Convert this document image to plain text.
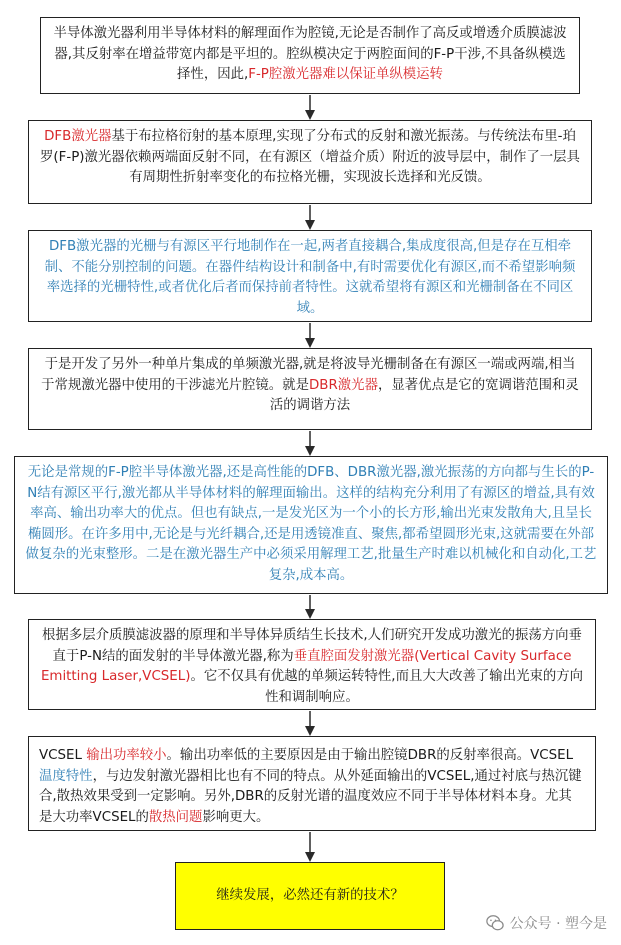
半导体激光器利用半导体材料的解理面作为腔镜,无论是否制作了高反或增透介质膜滤波器,其反射率在增益带宽内都是平坦的。腔纵模决定于两腔面间的F-P干涉,不具备纵模选择性，因此,F-P腔激光器难以保证单纵模运转
DFB激光器基于布拉格衍射的基本原理,实现了分布式的反射和激光振荡。与传统法布里-珀罗(F-P)激光器依赖两端面反射不同，在有源区（增益介质）附近的波导层中，制作了一层具有周期性折射率变化的布拉格光栅，实现波长选择和光反馈。
DFB激光器的光栅与有源区平行地制作在一起,两者直接耦合,集成度很高,但是存在互相牵制、不能分别控制的问题。在器件结构设计和制备中,有时需要优化有源区,而不希望影响频率选择的光栅特性,或者优化后者而保持前者特性。这就希望将有源区和光栅制备在不同区域。
于是开发了另外一种单片集成的单频激光器,就是将波导光栅制备在有源区一端或两端,相当于常规激光器中使用的干涉滤光片腔镜。就是DBR激光器，显著优点是它的宽调谐范围和灵活的调谐方法
无论是常规的F-P腔半导体激光器,还是高性能的DFB、DBR激光器,激光振荡的方向都与生长的P-N结有源区平行,激光都从半导体材料的解理面输出。这样的结构充分利用了有源区的增益,具有效率高、输出功率大的优点。但也有缺点,一是发光区为一个小的长方形,输出光束发散角大,且呈长椭圆形。在许多用中,无论是与光纤耦合,还是用透镜准直、聚焦,都希望圆形光束,这就需要在外部做复杂的光束整形。二是在激光器生产中必须采用解理工艺,批量生产时难以机械化和自动化,工艺复杂,成本高。
根据多层介质膜滤波器的原理和半导体异质结生长技术,人们研究开发成功激光的振荡方向垂直于P-N结的面发射的半导体激光器,称为垂直腔面发射激光器(Vertical Cavity Surface Emitting Laser,VCSEL)。它不仅具有优越的单频运转特性,而且大大改善了输出光束的方向性和调制响应。
VCSEL 输出功率较小。输出功率低的主要原因是由于输出腔镜DBR的反射率很高。VCSEL温度特性，与边发射激光器相比也有不同的特点。从外延面输出的VCSEL,通过衬底与热沉键合,散热效果受到一定影响。另外,DBR的反射光谱的温度效应不同于半导体材料本身。尤其是大功率VCSEL的散热问题影响更大。
继续发展，必然还有新的技术？
公众号 · 塑今是
